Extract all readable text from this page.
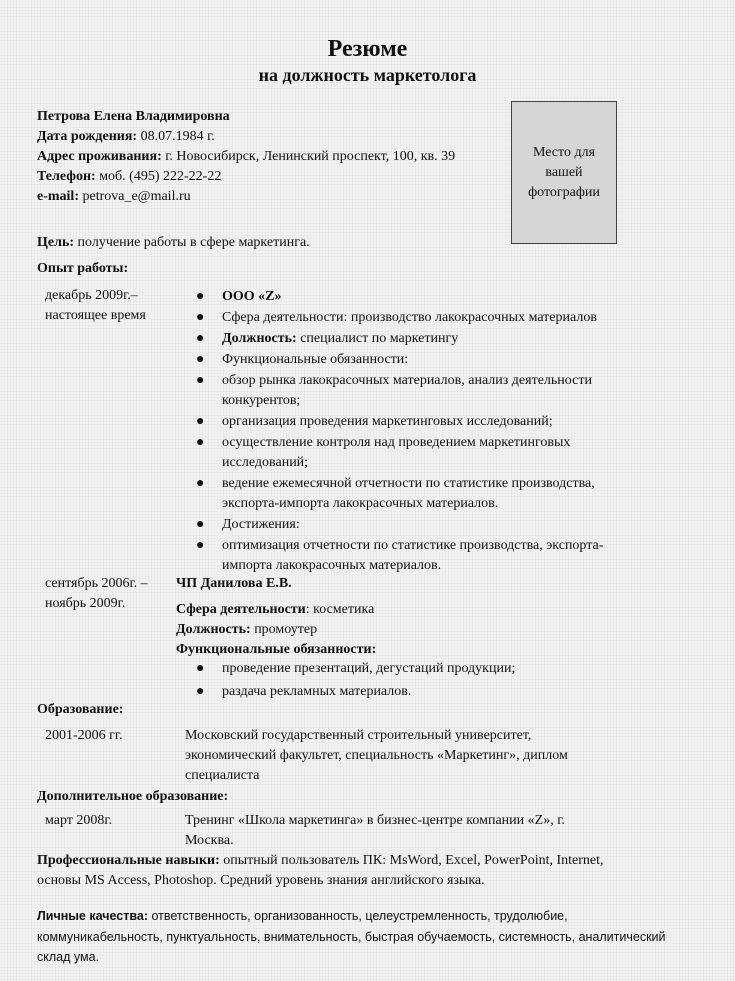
Резюме
на должность маркетолога
Петрова Елена Владимировна
Дата рождения: 08.07.1984 г.
Адрес проживания: г. Новосибирск, Ленинский проспект, 100, кв. 39
Телефон: моб. (495) 222-22-22
e-mail: petrova_e@mail.ru
Место для вашей фотографии
Цель: получение работы в сфере маркетинга.
Опыт работы:
декабрь 2009г.–
настоящее время
● ООО «Z»
● Сфера деятельности: производство лакокрасочных материалов
● Должность: специалист по маркетингу
● Функциональные обязанности:
● обзор рынка лакокрасочных материалов, анализ деятельности
конкурентов;
● организация проведения маркетинговых исследований;
● осуществление контроля над проведением маркетинговых
исследований;
● ведение ежемесячной отчетности по статистике производства,
экспорта-импорта лакокрасочных материалов.
● Достижения:
● оптимизация отчетности по статистике производства, экспорта-
импорта лакокрасочных материалов.
сентябрь 2006г. –
ноябрь 2009г.
ЧП Данилова Е.В.
Сфера деятельности: косметика
Должность: промоутер
Функциональные обязанности:
● проведение презентаций, дегустаций продукции;
● раздача рекламных материалов.
Образование:
2001-2006 гг.	Московский государственный строительный университет,
экономический факультет, специальность «Маркетинг», диплом
специалиста
Дополнительное образование:
март 2008г.	Тренинг «Школа маркетинга» в бизнес-центре компании «Z», г.
Москва.
Профессиональные навыки: опытный пользователь ПК: MsWord, Excel, PowerPoint, Internet,
основы MS Access, Photoshop. Средний уровень знания английского языка.
Личные качества: ответственность, организованность, целеустремленность, трудолюбие,
коммуникабельность, пунктуальность, внимательность, быстрая обучаемость, системность, аналитический
склад ума.
